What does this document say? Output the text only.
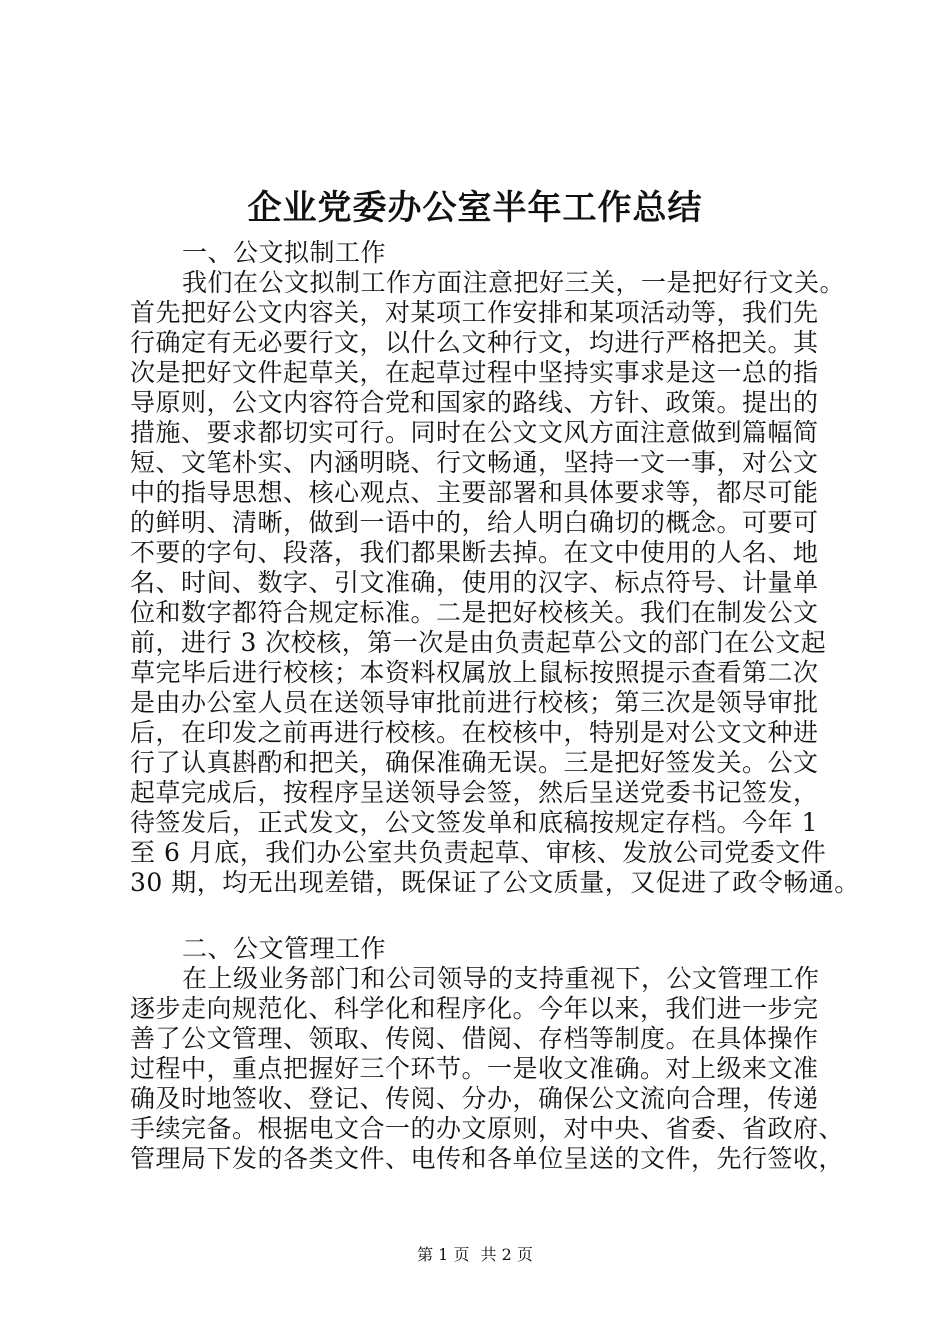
企业党委办公室半年工作总结
一、公文拟制工作
我们在公文拟制工作方面注意把好三关，一是把好行文关。
首先把好公文内容关，对某项工作安排和某项活动等，我们先
行确定有无必要行文，以什么文种行文，均进行严格把关。其
次是把好文件起草关，在起草过程中坚持实事求是这一总的指
导原则，公文内容符合党和国家的路线、方针、政策。提出的
措施、要求都切实可行。同时在公文文风方面注意做到篇幅简
短、文笔朴实、内涵明晓、行文畅通，坚持一文一事，对公文
中的指导思想、核心观点、主要部署和具体要求等，都尽可能
的鲜明、清晰，做到一语中的，给人明白确切的概念。可要可
不要的字句、段落，我们都果断去掉。在文中使用的人名、地
名、时间、数字、引文准确，使用的汉字、标点符号、计量单
位和数字都符合规定标准。二是把好校核关。我们在制发公文
前，进行 3 次校核，第一次是由负责起草公文的部门在公文起
草完毕后进行校核；本资料权属放上鼠标按照提示查看第二次
是由办公室人员在送领导审批前进行校核；第三次是领导审批
后，在印发之前再进行校核。在校核中，特别是对公文文种进
行了认真斟酌和把关，确保准确无误。三是把好签发关。公文
起草完成后，按程序呈送领导会签，然后呈送党委书记签发，
待签发后，正式发文，公文签发单和底稿按规定存档。今年 1
至 6 月底，我们办公室共负责起草、审核、发放公司党委文件
30 期，均无出现差错，既保证了公文质量，又促进了政令畅通。
二、公文管理工作
在上级业务部门和公司领导的支持重视下，公文管理工作
逐步走向规范化、科学化和程序化。今年以来，我们进一步完
善了公文管理、领取、传阅、借阅、存档等制度。在具体操作
过程中，重点把握好三个环节。一是收文准确。对上级来文准
确及时地签收、登记、传阅、分办，确保公文流向合理，传递
手续完备。根据电文合一的办文原则，对中央、省委、省政府、
管理局下发的各类文件、电传和各单位呈送的文件，先行签收，
第 1 页 共 2 页
